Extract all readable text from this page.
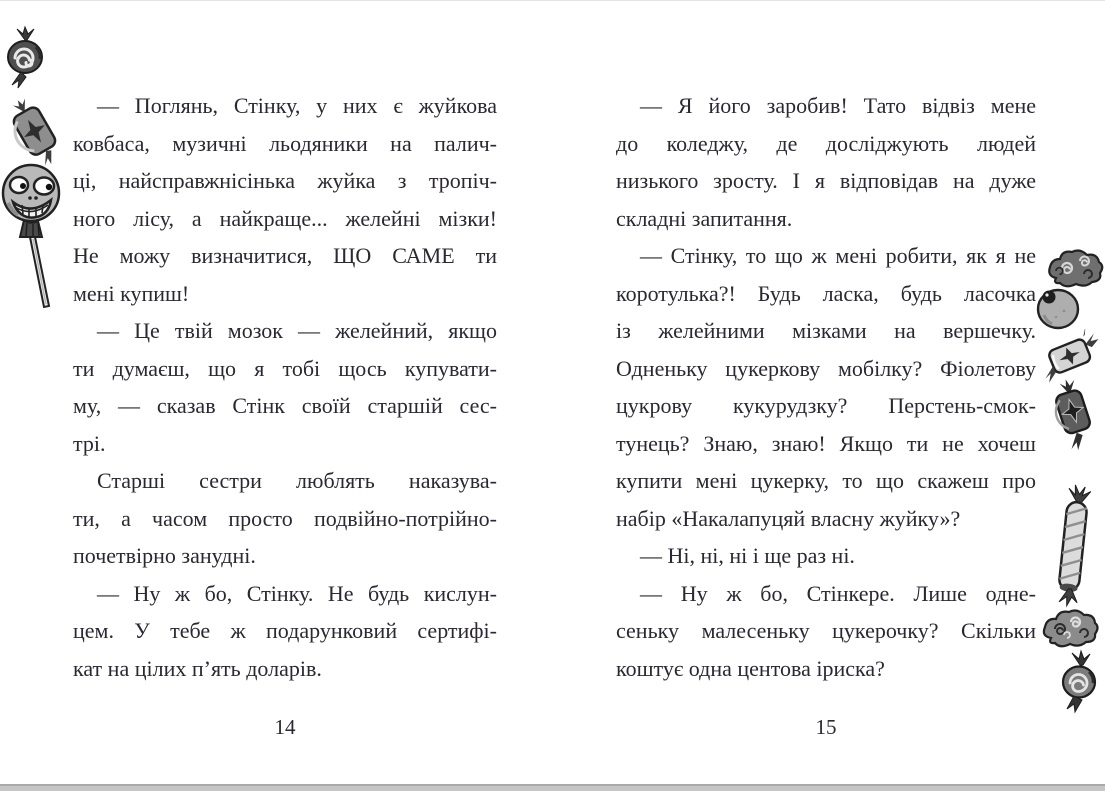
— Поглянь, Стінку, у них є жуйкова
ковбаса, музичні льодяники на палич-
ці, найсправжнісінька жуйка з тропіч-
ного лісу, а найкраще... желейні мізки!
Не можу визначитися, ЩО САМЕ ти
мені купиш!
— Це твій мозок — желейний, якщо
ти думаєш, що я тобі щось купувати-
му, — сказав Стінк своїй старшій сес-
трі.
Старші сестри люблять наказува-
ти, а часом просто подвійно-потрійно-
почетвірно занудні.
— Ну ж бо, Стінку. Не будь кислун-
цем. У тебе ж подарунковий сертифі-
кат на цілих п’ять доларів.
— Я його заробив! Тато відвіз мене
до коледжу, де досліджують людей
низького зросту. І я відповідав на дуже
складні запитання.
— Стінку, то що ж мені робити, як я не
коротулька?! Будь ласка, будь ласочка
із желейними мізками на вершечку.
Одненьку цукеркову мобілку? Фіолетову
цукрову кукурудзку? Перстень-смок-
тунець? Знаю, знаю! Якщо ти не хочеш
купити мені цукерку, то що скажеш про
набір «Накалапуцяй власну жуйку»?
— Ні, ні, ні і ще раз ні.
— Ну ж бо, Стінкере. Лише одне-
сеньку малесеньку цукерочку? Скільки
коштує одна центова іриска?
14	15
